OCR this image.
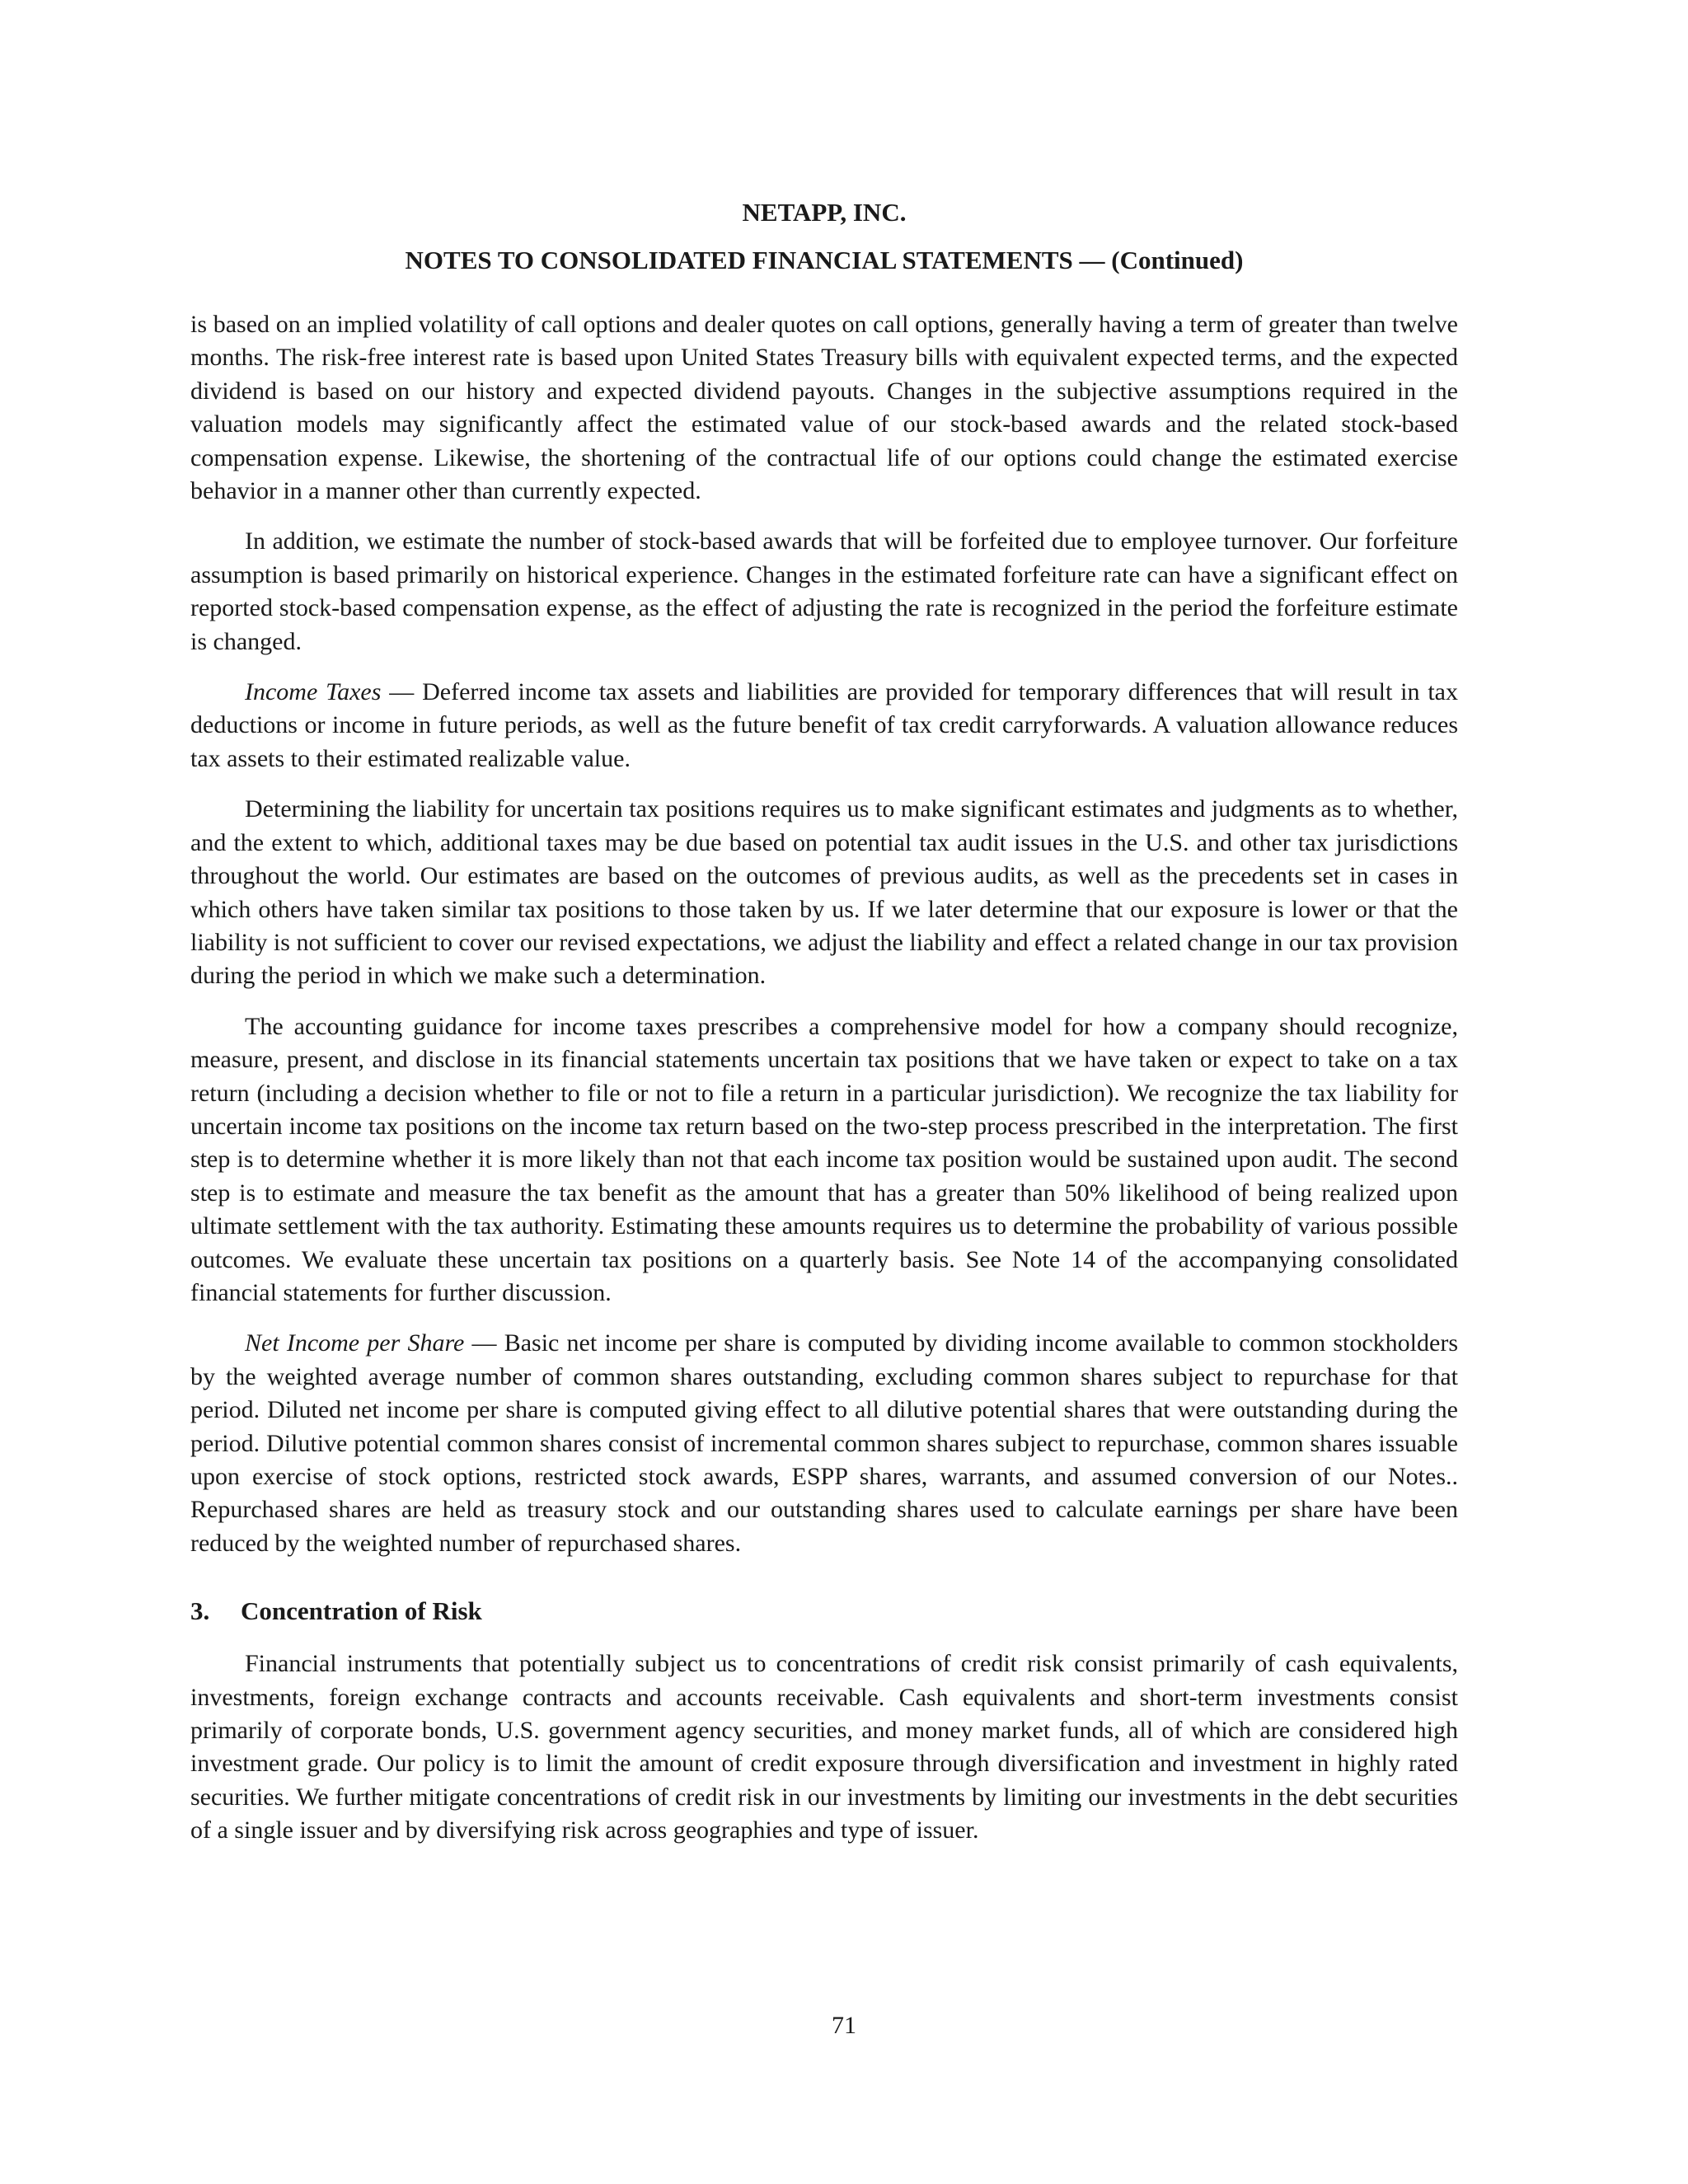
NETAPP, INC.
NOTES TO CONSOLIDATED FINANCIAL STATEMENTS — (Continued)

is based on an implied volatility of call options and dealer quotes on call options, generally having a term of greater than twelve months. The risk-free interest rate is based upon United States Treasury bills with equivalent expected terms, and the expected dividend is based on our history and expected dividend payouts. Changes in the subjective assumptions required in the valuation models may significantly affect the estimated value of our stock-based awards and the related stock-based compensation expense. Likewise, the shortening of the contractual life of our options could change the estimated exercise behavior in a manner other than currently expected.

In addition, we estimate the number of stock-based awards that will be forfeited due to employee turnover. Our forfeiture assumption is based primarily on historical experience. Changes in the estimated forfeiture rate can have a significant effect on reported stock-based compensation expense, as the effect of adjusting the rate is recognized in the period the forfeiture estimate is changed.

Income Taxes — Deferred income tax assets and liabilities are provided for temporary differences that will result in tax deductions or income in future periods, as well as the future benefit of tax credit carryforwards. A valuation allowance reduces tax assets to their estimated realizable value.

Determining the liability for uncertain tax positions requires us to make significant estimates and judgments as to whether, and the extent to which, additional taxes may be due based on potential tax audit issues in the U.S. and other tax jurisdictions throughout the world. Our estimates are based on the outcomes of previous audits, as well as the precedents set in cases in which others have taken similar tax positions to those taken by us. If we later determine that our exposure is lower or that the liability is not sufficient to cover our revised expectations, we adjust the liability and effect a related change in our tax provision during the period in which we make such a determination.

The accounting guidance for income taxes prescribes a comprehensive model for how a company should recognize, measure, present, and disclose in its financial statements uncertain tax positions that we have taken or expect to take on a tax return (including a decision whether to file or not to file a return in a particular jurisdiction). We recognize the tax liability for uncertain income tax positions on the income tax return based on the two-step process prescribed in the interpretation. The first step is to determine whether it is more likely than not that each income tax position would be sustained upon audit. The second step is to estimate and measure the tax benefit as the amount that has a greater than 50% likelihood of being realized upon ultimate settlement with the tax authority. Estimating these amounts requires us to determine the probability of various possible outcomes. We evaluate these uncertain tax positions on a quarterly basis. See Note 14 of the accompanying consolidated financial statements for further discussion.

Net Income per Share — Basic net income per share is computed by dividing income available to common stockholders by the weighted average number of common shares outstanding, excluding common shares subject to repurchase for that period. Diluted net income per share is computed giving effect to all dilutive potential shares that were outstanding during the period. Dilutive potential common shares consist of incremental common shares subject to repurchase, common shares issuable upon exercise of stock options, restricted stock awards, ESPP shares, warrants, and assumed conversion of our Notes.. Repurchased shares are held as treasury stock and our outstanding shares used to calculate earnings per share have been reduced by the weighted number of repurchased shares.

3. Concentration of Risk

Financial instruments that potentially subject us to concentrations of credit risk consist primarily of cash equivalents, investments, foreign exchange contracts and accounts receivable. Cash equivalents and short-term investments consist primarily of corporate bonds, U.S. government agency securities, and money market funds, all of which are considered high investment grade. Our policy is to limit the amount of credit exposure through diversification and investment in highly rated securities. We further mitigate concentrations of credit risk in our investments by limiting our investments in the debt securities of a single issuer and by diversifying risk across geographies and type of issuer.

71
